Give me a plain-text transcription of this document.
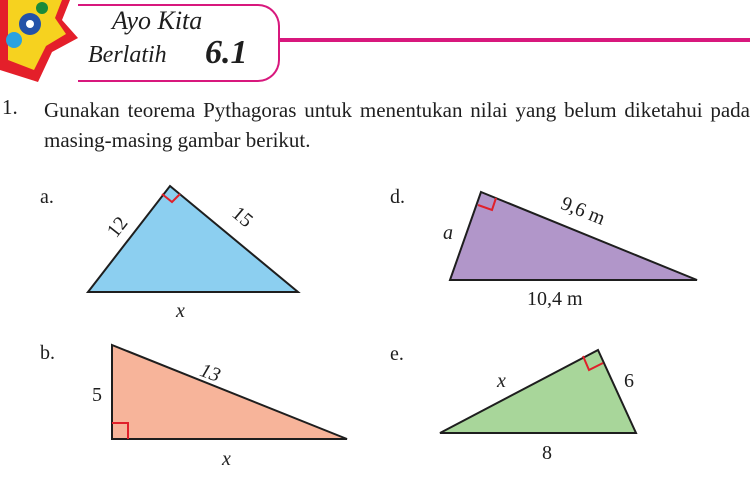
Ayo Kita
Berlatih 6.1
1. Gunakan teorema Pythagoras untuk menentukan nilai yang belum diketahui pada masing-masing gambar berikut.
a.
12	15
x
d.
a
9,6 m
10,4 m
b.
5
13
x
e.
x	6
8
